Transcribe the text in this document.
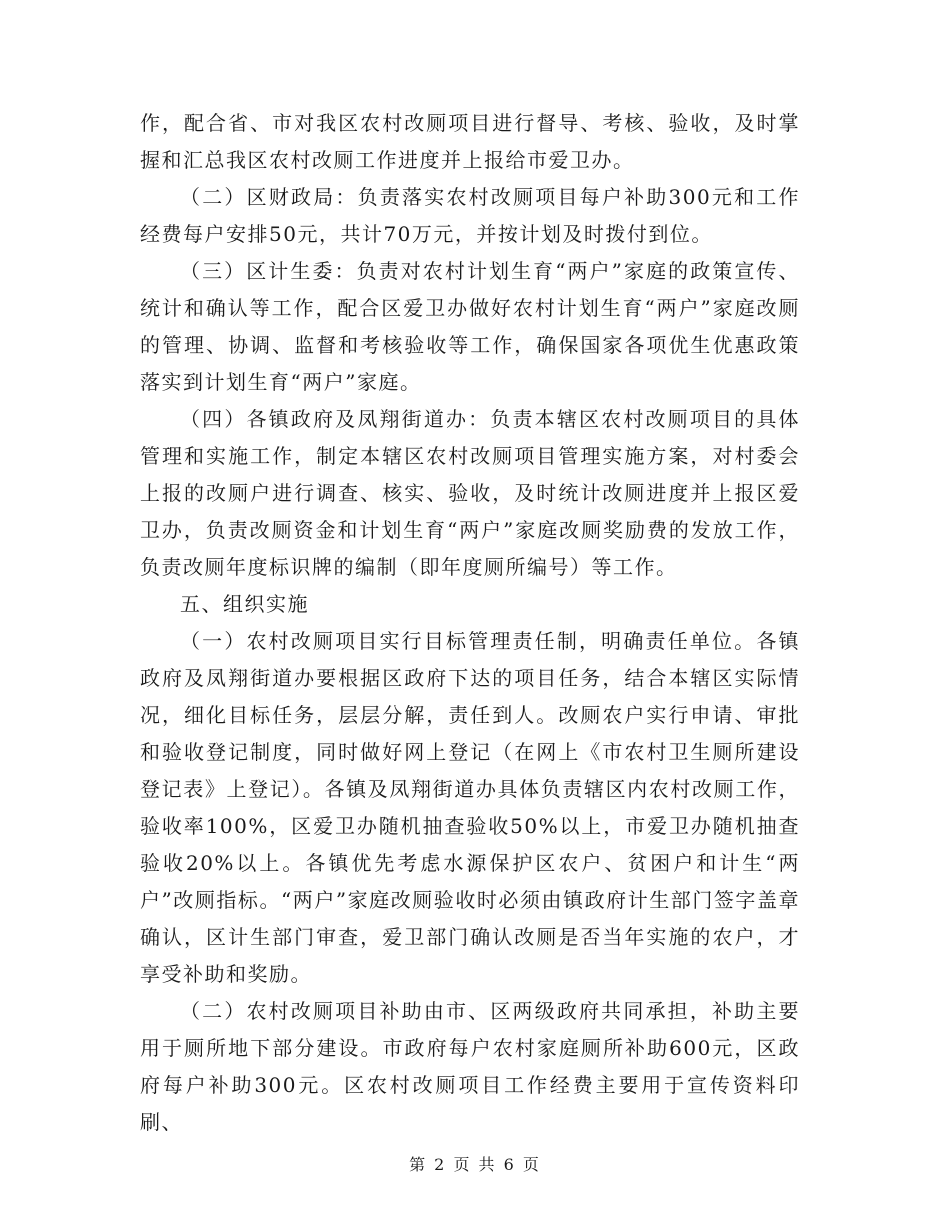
作，配合省、市对我区农村改厕项目进行督导、考核、验收，及时掌握和汇总我区农村改厕工作进度并上报给市爱卫办。

（二）区财政局：负责落实农村改厕项目每户补助300元和工作经费每户安排50元，共计70万元，并按计划及时拨付到位。

（三）区计生委：负责对农村计划生育“两户”家庭的政策宣传、统计和确认等工作，配合区爱卫办做好农村计划生育“两户”家庭改厕的管理、协调、监督和考核验收等工作，确保国家各项优生优惠政策落实到计划生育“两户”家庭。

（四）各镇政府及凤翔街道办：负责本辖区农村改厕项目的具体管理和实施工作，制定本辖区农村改厕项目管理实施方案，对村委会上报的改厕户进行调查、核实、验收，及时统计改厕进度并上报区爱卫办，负责改厕资金和计划生育“两户”家庭改厕奖励费的发放工作，负责改厕年度标识牌的编制（即年度厕所编号）等工作。

五、组织实施

（一）农村改厕项目实行目标管理责任制，明确责任单位。各镇政府及凤翔街道办要根据区政府下达的项目任务，结合本辖区实际情况，细化目标任务，层层分解，责任到人。改厕农户实行申请、审批和验收登记制度，同时做好网上登记（在网上《市农村卫生厕所建设登记表》上登记）。各镇及凤翔街道办具体负责辖区内农村改厕工作，验收率100%，区爱卫办随机抽查验收50%以上，市爱卫办随机抽查验收20%以上。各镇优先考虑水源保护区农户、贫困户和计生“两户”改厕指标。“两户”家庭改厕验收时必须由镇政府计生部门签字盖章确认，区计生部门审查，爱卫部门确认改厕是否当年实施的农户，才享受补助和奖励。

（二）农村改厕项目补助由市、区两级政府共同承担，补助主要用于厕所地下部分建设。市政府每户农村家庭厕所补助600元，区政府每户补助300元。区农村改厕项目工作经费主要用于宣传资料印刷、

第 2 页 共 6 页
